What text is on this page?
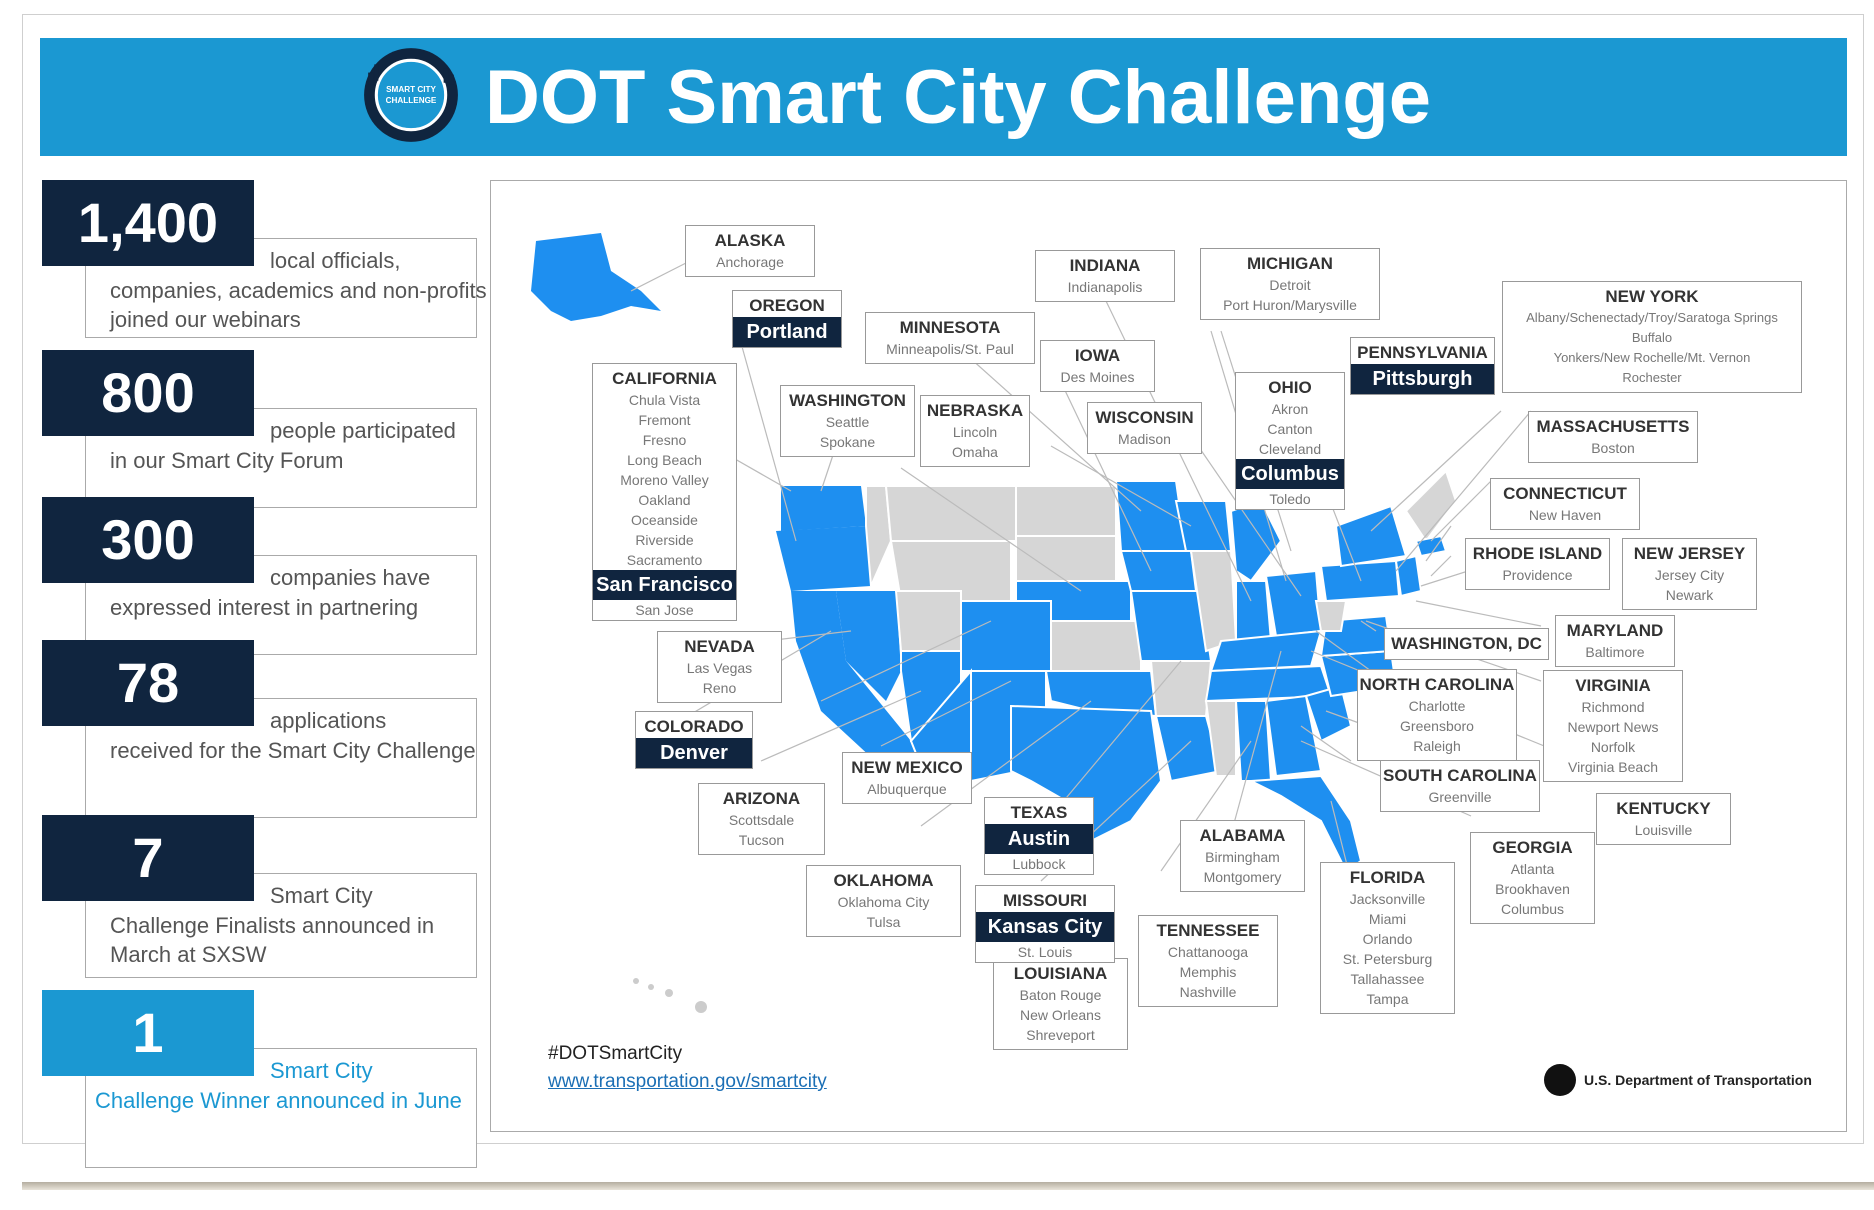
SMART CITY
CHALLENGE DOT Smart City Challenge
ALASKA
Anchorage
OREGON
Portland
CALIFORNIA
Chula Vista
Fremont
Fresno
Long Beach
Moreno Valley
Oakland
Oceanside
Riverside
Sacramento
San Francisco
San Jose
WASHINGTON
Seattle
Spokane
MINNESOTA
Minneapolis/St. Paul
NEBRASKA
Lincoln
Omaha
INDIANA
Indianapolis
IOWA
Des Moines
WISCONSIN
Madison
MICHIGAN
Detroit
Port Huron/Marysville
OHIO
Akron
Canton
Cleveland
Columbus
Toledo
PENNSYLVANIA
Pittsburgh
NEW YORK
Albany/Schenectady/Troy/Saratoga Springs
Buffalo
Yonkers/New Rochelle/Mt. Vernon
Rochester
MASSACHUSETTS
Boston
CONNECTICUT
New Haven
RHODE ISLAND
Providence
NEW JERSEY
Jersey City
Newark
MARYLAND
Baltimore
WASHINGTON, DC
NORTH CAROLINA
Charlotte
Greensboro
Raleigh
VIRGINIA
Richmond
Newport News
Norfolk
Virginia Beach
SOUTH CAROLINA
Greenville
KENTUCKY
Louisville
GEORGIA
Atlanta
Brookhaven
Columbus
FLORIDA
Jacksonville
Miami
Orlando
St. Petersburg
Tallahassee
Tampa
ALABAMA
Birmingham
Montgomery
TENNESSEE
Chattanooga
Memphis
Nashville
LOUISIANA
Baton Rouge
New Orleans
Shreveport
MISSOURI
Kansas City
St. Louis
TEXAS
Austin
Lubbock
OKLAHOMA
Oklahoma City
Tulsa
NEW MEXICO
Albuquerque
ARIZONA
Scottsdale
Tucson
COLORADO
Denver
NEVADA
Las Vegas
Reno
#DOTSmartCity
www.transportation.gov/smartcity	U.S. Department of Transportation
1,400
local officials,
companies, academics and non-profits joined our webinars
800
people participated
in our Smart City Forum
300
companies have
expressed interest in partnering
78
applications
received for the Smart City Challenge
7
Smart City
Challenge Finalists announced in March at SXSW
1
Smart City
Challenge Winner announced in June
